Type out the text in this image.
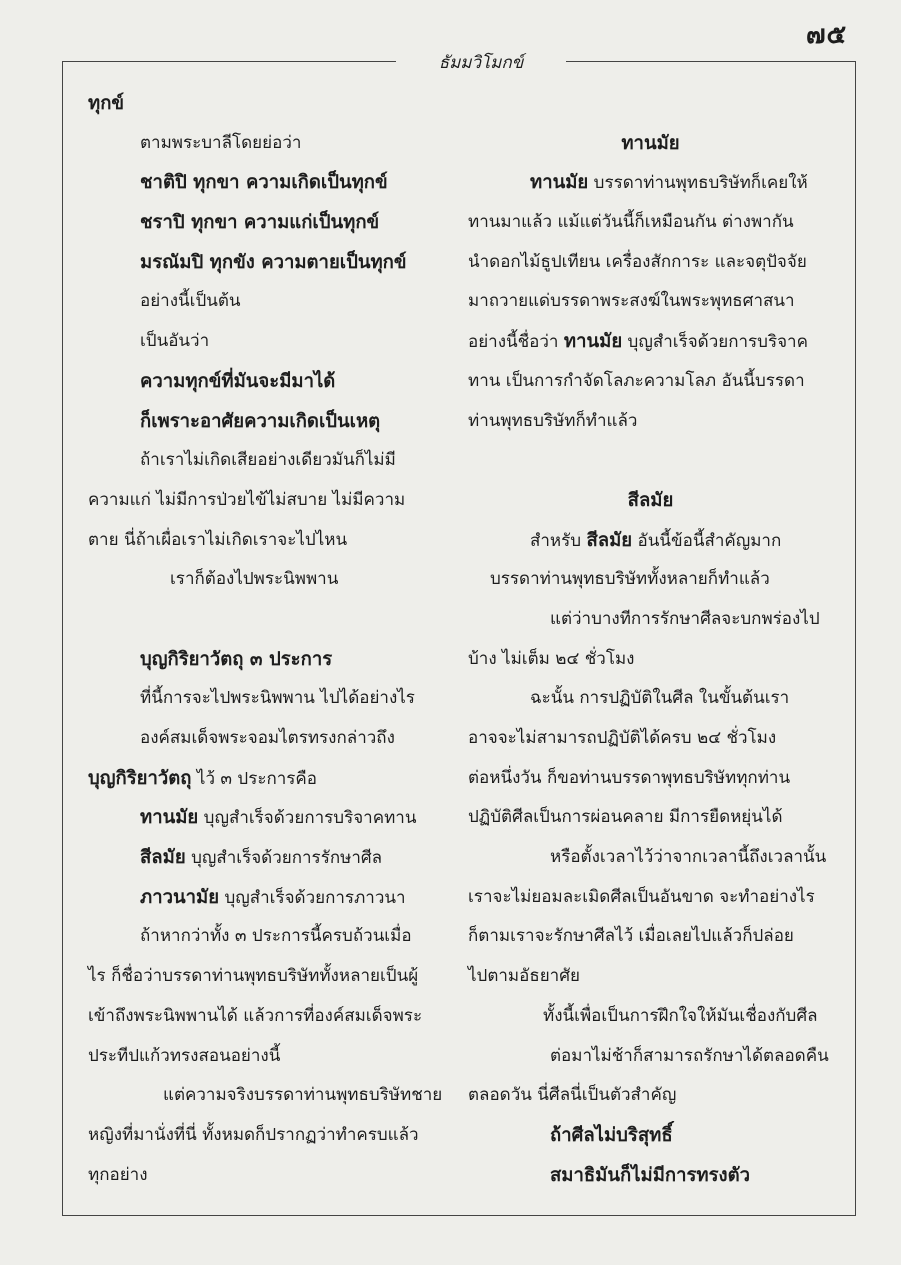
๗๕
ธัมมวิโมกข์
ทุกข์
ตามพระบาลีโดยย่อว่า
ชาติปิ ทุกขา ความเกิดเป็นทุกข์
ชราปิ ทุกขา ความแก่เป็นทุกข์
มรณัมปิ ทุกขัง ความตายเป็นทุกข์
อย่างนี้เป็นต้น
เป็นอันว่า
ความทุกข์ที่มันจะมีมาได้
ก็เพราะอาศัยความเกิดเป็นเหตุ
ถ้าเราไม่เกิดเสียอย่างเดียวมันก็ไม่มี
ความแก่ ไม่มีการป่วยไข้ไม่สบาย ไม่มีความ
ตาย นี่ถ้าเผื่อเราไม่เกิดเราจะไปไหน
เราก็ต้องไปพระนิพพาน
บุญกิริยาวัตถุ ๓ ประการ
ที่นี้การจะไปพระนิพพาน ไปได้อย่างไร
องค์สมเด็จพระจอมไตรทรงกล่าวถึง
บุญกิริยาวัตถุ ไว้ ๓ ประการคือ
ทานมัย บุญสำเร็จด้วยการบริจาคทาน
สีลมัย บุญสำเร็จด้วยการรักษาศีล
ภาวนามัย บุญสำเร็จด้วยการภาวนา
ถ้าหากว่าทั้ง ๓ ประการนี้ครบถ้วนเมื่อ
ไร ก็ชื่อว่าบรรดาท่านพุทธบริษัททั้งหลายเป็นผู้
เข้าถึงพระนิพพานได้ แล้วการที่องค์สมเด็จพระ
ประทีปแก้วทรงสอนอย่างนี้
แต่ความจริงบรรดาท่านพุทธบริษัทชาย
หญิงที่มานั่งที่นี่ ทั้งหมดก็ปรากฏว่าทำครบแล้ว
ทุกอย่าง
ทานมัย
ทานมัย บรรดาท่านพุทธบริษัทก็เคยให้
ทานมาแล้ว แม้แต่วันนี้ก็เหมือนกัน ต่างพากัน
นำดอกไม้ธูปเทียน เครื่องสักการะ และจตุปัจจัย
มาถวายแด่บรรดาพระสงฆ์ในพระพุทธศาสนา
อย่างนี้ชื่อว่า ทานมัย บุญสำเร็จด้วยการบริจาค
ทาน เป็นการกำจัดโลภะความโลภ อันนี้บรรดา
ท่านพุทธบริษัทก็ทำแล้ว
สีลมัย
สำหรับ สีลมัย อันนี้ข้อนี้สำคัญมาก
บรรดาท่านพุทธบริษัททั้งหลายก็ทำแล้ว
แต่ว่าบางทีการรักษาศีลจะบกพร่องไป
บ้าง ไม่เต็ม ๒๔ ชั่วโมง
ฉะนั้น การปฏิบัติในศีล ในขั้นต้นเรา
อาจจะไม่สามารถปฏิบัติได้ครบ ๒๔ ชั่วโมง
ต่อหนึ่งวัน ก็ขอท่านบรรดาพุทธบริษัททุกท่าน
ปฏิบัติศีลเป็นการผ่อนคลาย มีการยืดหยุ่นได้
หรือตั้งเวลาไว้ว่าจากเวลานี้ถึงเวลานั้น
เราจะไม่ยอมละเมิดศีลเป็นอันขาด จะทำอย่างไร
ก็ตามเราจะรักษาศีลไว้ เมื่อเลยไปแล้วก็ปล่อย
ไปตามอัธยาศัย
ทั้งนี้เพื่อเป็นการฝึกใจให้มันเชื่องกับศีล
ต่อมาไม่ช้าก็สามารถรักษาได้ตลอดคืน
ตลอดวัน นี่ศีลนี่เป็นตัวสำคัญ
ถ้าศีลไม่บริสุทธิ์
สมาธิมันก็ไม่มีการทรงตัว
